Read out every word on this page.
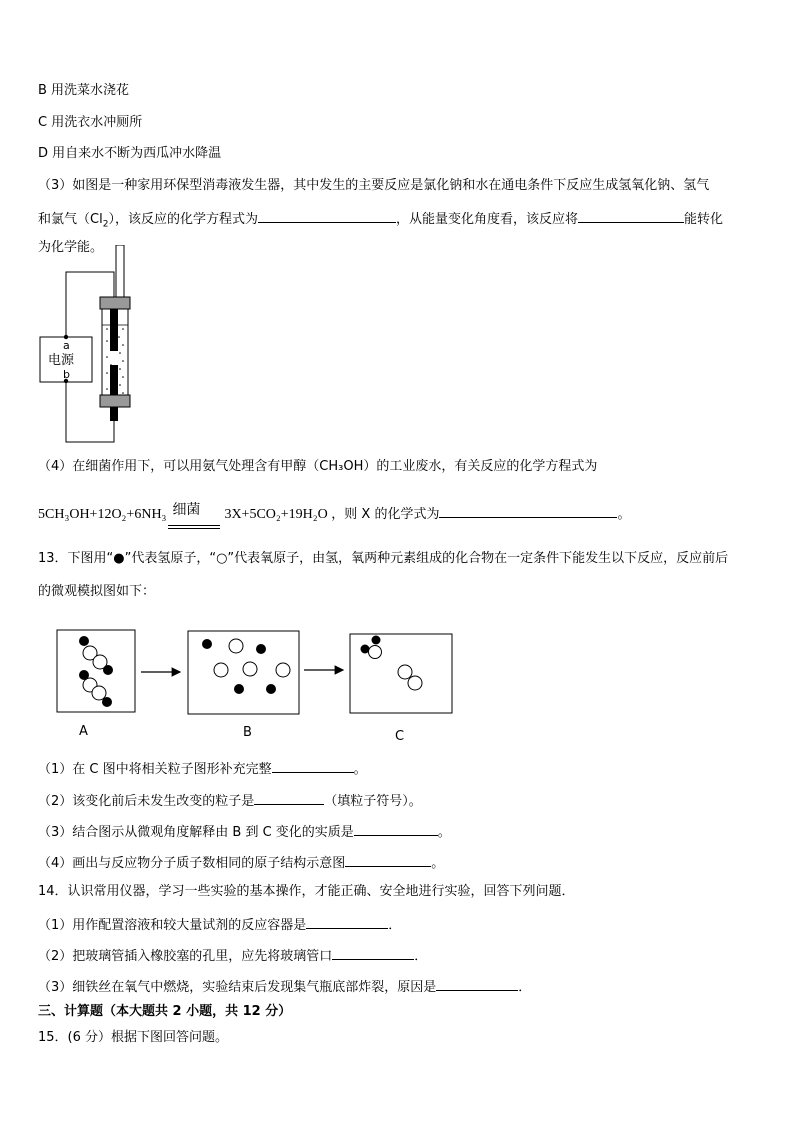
B 用洗菜水浇花
C 用洗衣水冲厕所
D 用自来水不断为西瓜冲水降温
（3）如图是一种家用环保型消毒液发生器，其中发生的主要反应是氯化钠和水在通电条件下反应生成氢氧化钠、氢气
和氯气$(Cl_2)$，该反应的化学方程式为	，从能量变化角度看，该反应将	能转化
为化学能。
a
电源
b
（4）在细菌作用下，可以用氨气处理含有甲醇（CH₃OH）的工业废水，有关反应的化学方程式为
5CH₃OH+12O₂+6NH₃ 细菌 3X+5CO₂+19H₂O ，则 X 的化学式为	。
13．下图用“●”代表氢原子，“○”代表氧原子，由氢，氧两种元素组成的化合物在一定条件下能发生以下反应，反应前后
的微观模拟图如下：
A	B	C
（1）在 C 图中将相关粒子图形补充完整	。
（2）该变化前后未发生改变的粒子是	（填粒子符号）。
（3）结合图示从微观角度解释由 B 到 C 变化的实质是	。
（4）画出与反应物分子质子数相同的原子结构示意图	。
14．认识常用仪器，学习一些实验的基本操作，才能正确、安全地进行实验，回答下列问题．
（1）用作配置溶液和较大量试剂的反应容器是	．
（2）把玻璃管插入橡胶塞的孔里，应先将玻璃管口	．
（3）细铁丝在氧气中燃烧，实验结束后发现集气瓶底部炸裂，原因是	．
三、计算题（本大题共 2 小题，共 12 分）
15．(6 分）根据下图回答问题。
